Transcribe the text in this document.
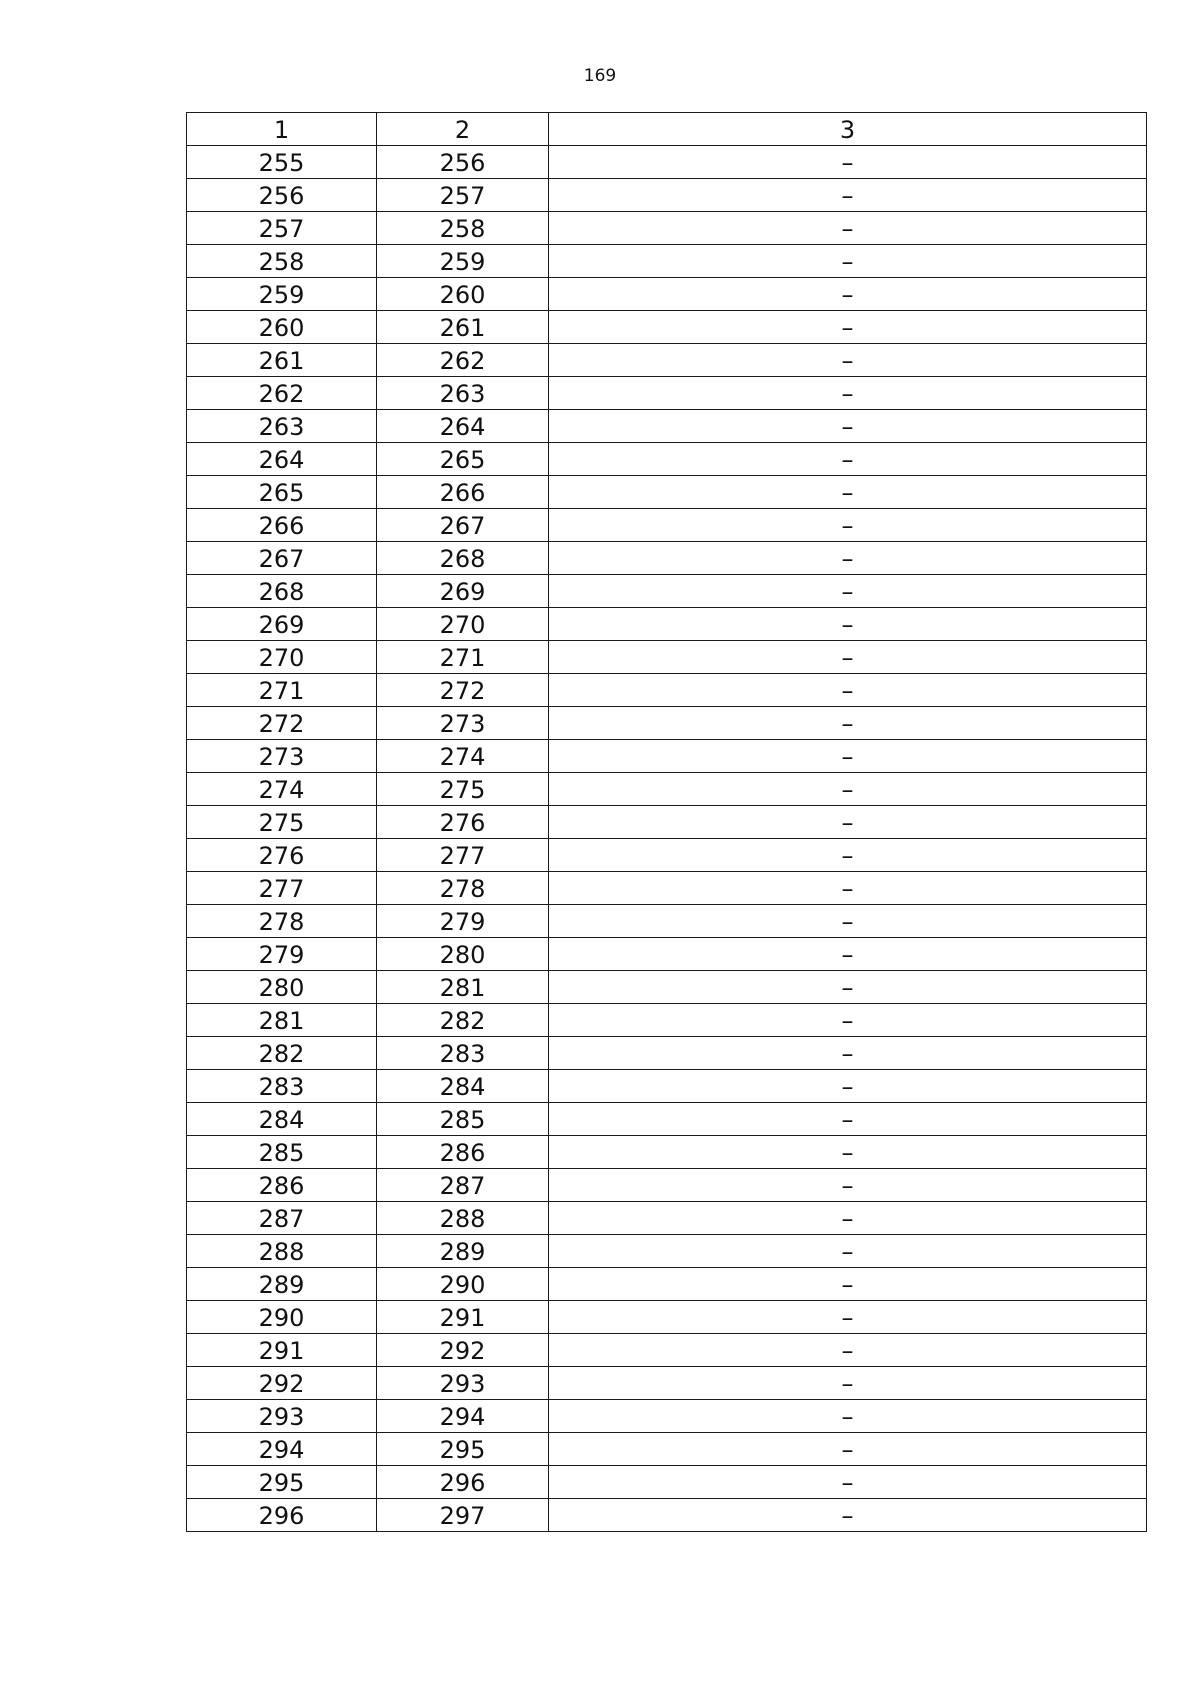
169
1	2	3
255	256	–
256	257	–
257	258	–
258	259	–
259	260	–
260	261	–
261	262	–
262	263	–
263	264	–
264	265	–
265	266	–
266	267	–
267	268	–
268	269	–
269	270	–
270	271	–
271	272	–
272	273	–
273	274	–
274	275	–
275	276	–
276	277	–
277	278	–
278	279	–
279	280	–
280	281	–
281	282	–
282	283	–
283	284	–
284	285	–
285	286	–
286	287	–
287	288	–
288	289	–
289	290	–
290	291	–
291	292	–
292	293	–
293	294	–
294	295	–
295	296	–
296	297	–
